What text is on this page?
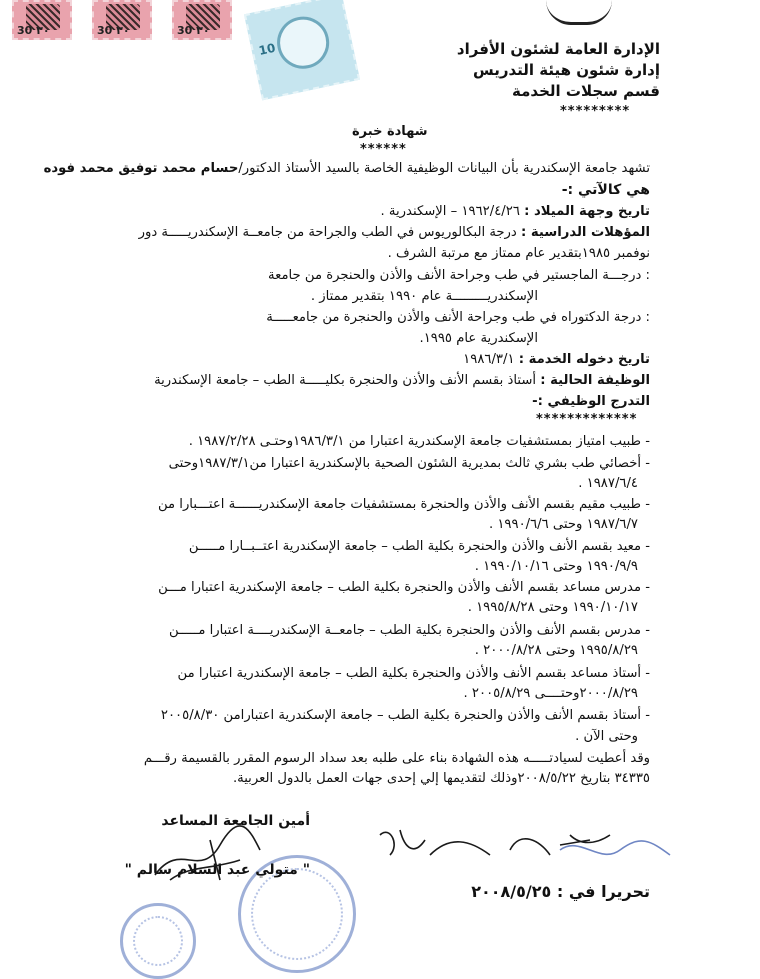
30 ٣٠	30 ٣٠	30 ٣٠
10	الإدارة العامة لشئون الأفراد
إدارة شئون هيئة التدريس
قسم سجلات الخدمة
*********
شهادة خبرة
******
تشهد جامعة الإسكندرية بأن البيانات الوظيفية الخاصة بالسيد الأستاذ الدكتور/حسام محمد توفيق محمد فوده
هي كالآتي :-
تاريخ وجهة الميلاد : ١٩٦٢/٤/٢٦ – الإسكندرية .
المؤهلات الدراسية : درجة البكالوريوس في الطب والجراحة من جامعــة الإسكندريـــــة دور
نوفمبر ١٩٨٥بتقدير عام ممتاز مع مرتبة الشرف .
: درجـــة الماجستير في طب وجراحة الأنف والأذن والحنجرة من جامعة
الإسكندريـــــــــة عام ١٩٩٠ بتقدير ممتاز .
: درجة الدكتوراه في طب وجراحة الأنف والأذن والحنجرة من جامعـــــة
الإسكندرية عام ١٩٩٥.
تاريخ دخوله الخدمة : ١٩٨٦/٣/١
الوظيفة الحالية : أستاذ بقسم الأنف والأذن والحنجرة بكليـــــة الطب – جامعة الإسكندرية
التدرج الوظيفي :-
*************
- طبيب امتياز بمستشفيات جامعة الإسكندرية اعتبارا من ١٩٨٦/٣/١وحتـى ١٩٨٧/٢/٢٨ .
- أخصائي طب بشري ثالث بمديرية الشئون الصحية بالإسكندرية اعتبارا من١٩٨٧/٣/١وحتى
١٩٨٧/٦/٤ .
- طبيب مقيم بقسم الأنف والأذن والحنجرة بمستشفيات جامعة الإسكندريــــــة اعتـــبارا من
١٩٨٧/٦/٧ وحتى ١٩٩٠/٦/٦ .
- معيد بقسم الأنف والأذن والحنجرة بكلية الطب – جامعة الإسكندرية اعتــبــارا مـــــن
١٩٩٠/٩/٩ وحتى ١٩٩٠/١٠/١٦ .
- مدرس مساعد بقسم الأنف والأذن والحنجرة بكلية الطب – جامعة الإسكندرية اعتبارا مـــن
١٩٩٠/١٠/١٧ وحتى ١٩٩٥/٨/٢٨ .
- مدرس بقسم الأنف والأذن والحنجرة بكلية الطب – جامعــة الإسكندريــــة اعتبارا مـــــن
١٩٩٥/٨/٢٩ وحتى ٢٠٠٠/٨/٢٨ .
- أستاذ مساعد بقسم الأنف والأذن والحنجرة بكلية الطب – جامعة الإسكندرية اعتبارا من
٢٠٠٠/٨/٢٩وحتــــى ٢٠٠٥/٨/٢٩ .
- أستاذ بقسم الأنف والأذن والحنجرة بكلية الطب – جامعة الإسكندرية اعتبارامن ٢٠٠٥/٨/٣٠
وحتى الآن .
وقد أعطيت لسيادتـــــه هذه الشهادة بناء على طلبه بعد سداد الرسوم المقرر بالقسيمة رقـــم
٣٤٣٣٥ بتاريخ ٢٠٠٨/٥/٢٢وذلك لتقديمها إلي إحدى جهات العمل بالدول العربية.
أمين الجامعة المساعد
" متولي عبد السلام سالم "
تحريرا في : ٢٠٠٨/٥/٢٥
